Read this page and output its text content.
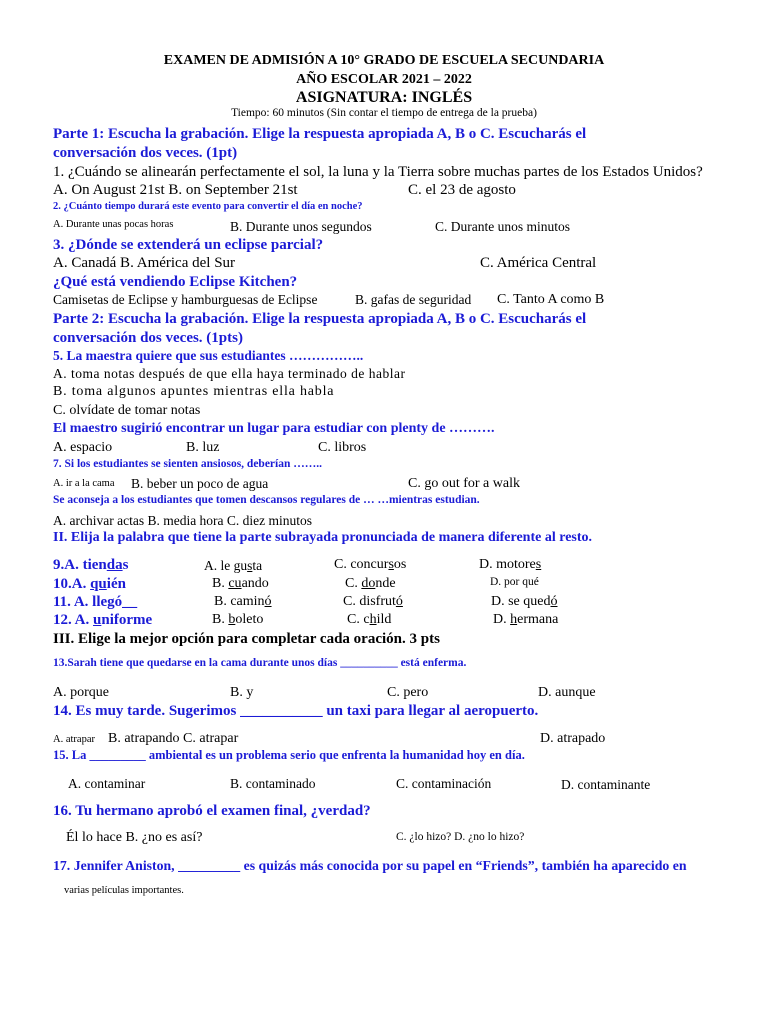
EXAMEN DE ADMISIÓN A 10° GRADO DE ESCUELA SECUNDARIA
AÑO ESCOLAR 2021 – 2022
ASIGNATURA: INGLÉS
Tiempo: 60 minutos (Sin contar el tiempo de entrega de la prueba)
Parte 1: Escucha la grabación. Elige la respuesta apropiada A, B o C. Escucharás el
conversación dos veces. (1pt)
1. ¿Cuándo se alinearán perfectamente el sol, la luna y la Tierra sobre muchas partes de los Estados Unidos?
A. On August 21st B. on September 21st	C. el 23 de agosto
2. ¿Cuánto tiempo durará este evento para convertir el día en noche?
A. Durante unas pocas horas	B. Durante unos segundos	C. Durante unos minutos
3. ¿Dónde se extenderá un eclipse parcial?
A. Canadá B. América del Sur	C. América Central
¿Qué está vendiendo Eclipse Kitchen?
Camisetas de Eclipse y hamburguesas de Eclipse	B. gafas de seguridad C. Tanto A como B
Parte 2: Escucha la grabación. Elige la respuesta apropiada A, B o C. Escucharás el
conversación dos veces. (1pts)
5. La maestra quiere que sus estudiantes ……………..
A. toma notas después de que ella haya terminado de hablar
B. toma algunos apuntes mientras ella habla
C. olvídate de tomar notas
El maestro sugirió encontrar un lugar para estudiar con plenty de ……….
A. espacio	B. luz	C. libros
7. Si los estudiantes se sienten ansiosos, deberían ……..
A. ir a la cama B. beber un poco de agua	C. go out for a walk
Se aconseja a los estudiantes que tomen descansos regulares de … …mientras estudian.
A. archivar actas B. media hora C. diez minutos
II. Elija la palabra que tiene la parte subrayada pronunciada de manera diferente al resto.
9.A. tiendas	A. le gusta	C. concursos	D. motores
10.A. quién	B. cuando	C. donde	D. por qué
11. A. llegó__	B. caminó	C. disfrutó	D. se quedó
12. A. uniforme	B. boleto	C. child	D. hermana
III. Elige la mejor opción para completar cada oración. 3 pts
13.Sarah tiene que quedarse en la cama durante unos días __________ está enferma.
A. porque	B. y	C. pero	D. aunque
14. Es muy tarde. Sugerimos ___________ un taxi para llegar al aeropuerto.
A. atrapar B. atrapando C. atrapar	D. atrapado
15. La _________ ambiental es un problema serio que enfrenta la humanidad hoy en día.
A. contaminar	B. contaminado	C. contaminación	D. contaminante
16. Tu hermano aprobó el examen final, ¿verdad?
Él lo hace B. ¿no es así?	C. ¿lo hizo? D. ¿no lo hizo?
17. Jennifer Aniston, _________ es quizás más conocida por su papel en “Friends”, también ha aparecido en
varias películas importantes.
